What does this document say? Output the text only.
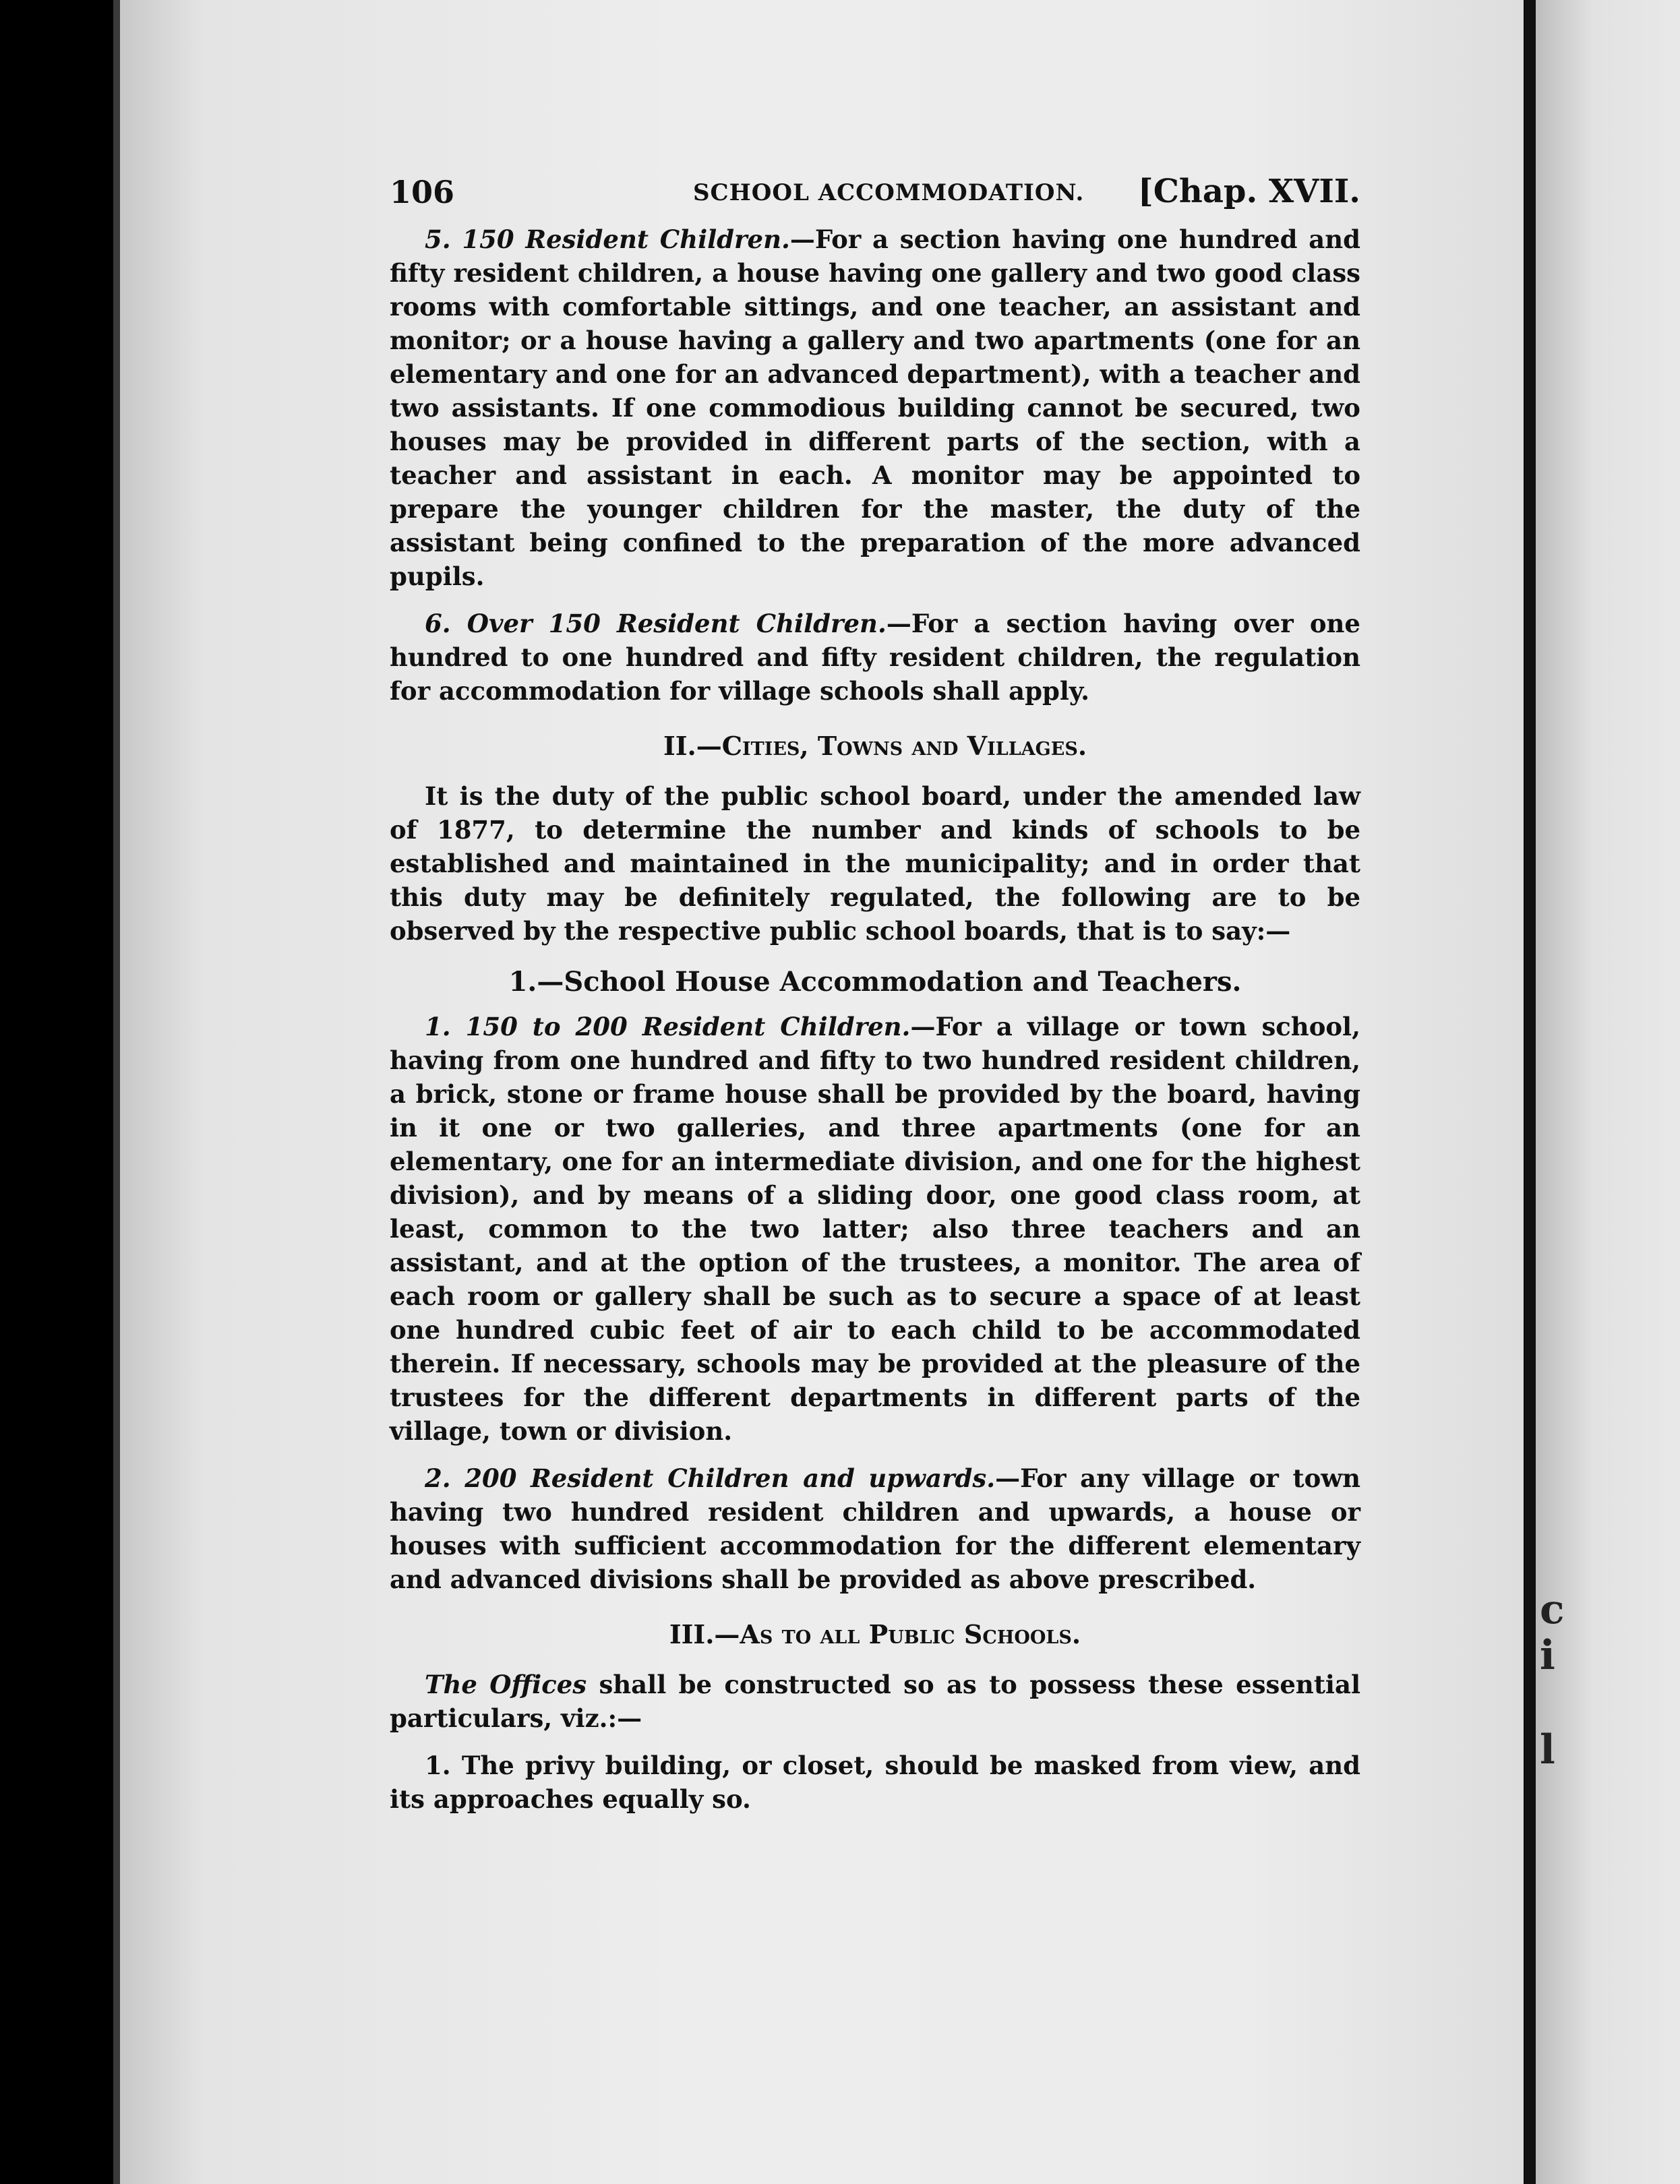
c
i
l
106	SCHOOL ACCOMMODATION. [Chap. XVII.

5. 150 Resident Children.—For a section having one hundred and fifty resident children, a house having one gallery and two good class rooms with comfortable sittings, and one teacher, an assistant and monitor; or a house having a gallery and two apartments (one for an elementary and one for an advanced department), with a teacher and two assistants. If one commodious building cannot be secured, two houses may be provided in different parts of the section, with a teacher and assistant in each. A monitor may be appointed to prepare the younger children for the master, the duty of the assistant being confined to the preparation of the more advanced pupils.

6. Over 150 Resident Children.—For a section having over one hundred to one hundred and fifty resident children, the regulation for accommodation for village schools shall apply.

II.—Cities, Towns and Villages.

It is the duty of the public school board, under the amended law of 1877, to determine the number and kinds of schools to be established and maintained in the municipality; and in order that this duty may be definitely regulated, the following are to be observed by the respective public school boards, that is to say:—

1.—School House Accommodation and Teachers.

1. 150 to 200 Resident Children.—For a village or town school, having from one hundred and fifty to two hundred resident children, a brick, stone or frame house shall be provided by the board, having in it one or two galleries, and three apartments (one for an elementary, one for an intermediate division, and one for the highest division), and by means of a sliding door, one good class room, at least, common to the two latter; also three teachers and an assistant, and at the option of the trustees, a monitor. The area of each room or gallery shall be such as to secure a space of at least one hundred cubic feet of air to each child to be accommodated therein. If necessary, schools may be provided at the pleasure of the trustees for the different departments in different parts of the village, town or division.

2. 200 Resident Children and upwards.—For any village or town having two hundred resident children and upwards, a house or houses with sufficient accommodation for the different elementary and advanced divisions shall be provided as above prescribed.

III.—As to all Public Schools.

The Offices shall be constructed so as to possess these essential particulars, viz.:—

1. The privy building, or closet, should be masked from view, and its approaches equally so.
